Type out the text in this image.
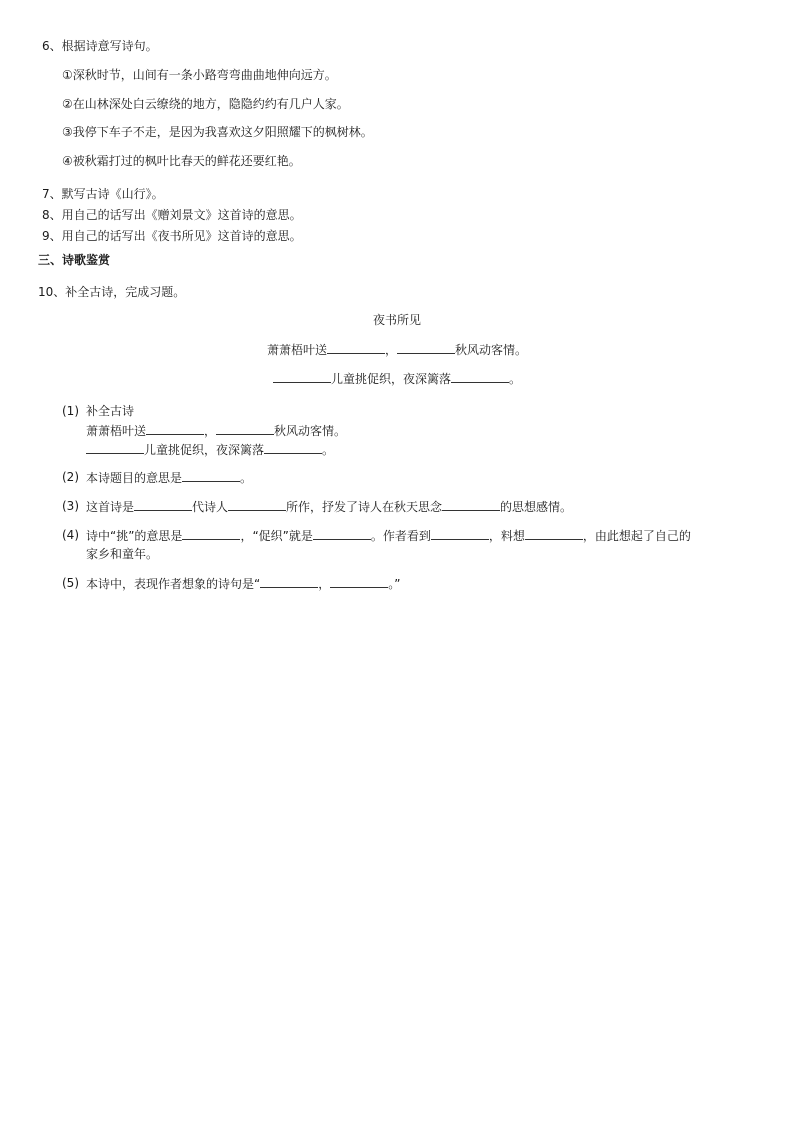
6、根据诗意写诗句。
①深秋时节，山间有一条小路弯弯曲曲地伸向远方。
②在山林深处白云缭绕的地方，隐隐约约有几户人家。
③我停下车子不走，是因为我喜欢这夕阳照耀下的枫树林。
④被秋霜打过的枫叶比春天的鲜花还要红艳。
7、默写古诗《山行》。
8、用自己的话写出《赠刘景文》这首诗的意思。
9、用自己的话写出《夜书所见》这首诗的意思。
三、诗歌鉴赏
10、补全古诗，完成习题。
夜书所见
萧萧梧叶送	，	秋风动客情。
儿童挑促织，夜深篱落	。
(1) 补全古诗
萧萧梧叶送	，	秋风动客情。
儿童挑促织，夜深篱落	。
(2) 本诗题目的意思是	。
(3) 这首诗是	代诗人	所作，抒发了诗人在秋天思念	的思想感情。
(4) 诗中“挑”的意思是	，“促织”就是	。作者看到	，料想	，由此想起了自己的
家乡和童年。
(5) 本诗中，表现作者想象的诗句是“	，	。”
